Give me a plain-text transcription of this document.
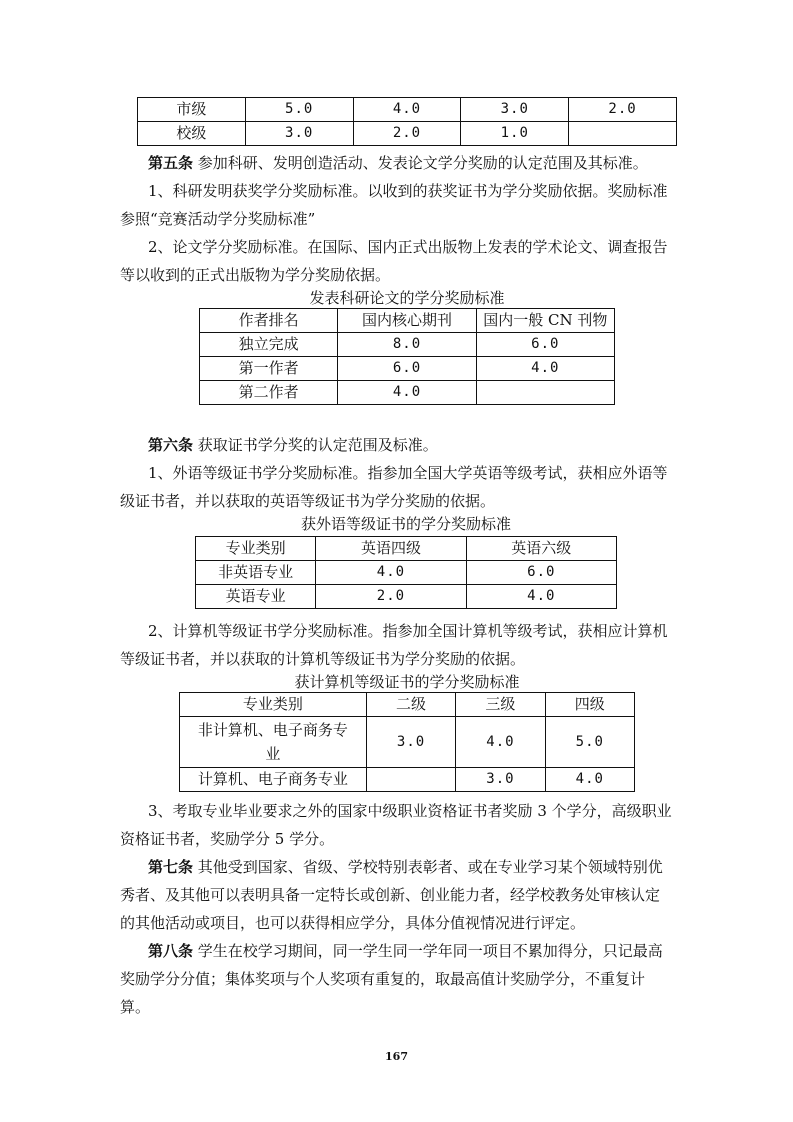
市级	5.0	4.0	3.0	2.0
校级	3.0	2.0	1.0	
第五条 参加科研、发明创造活动、发表论文学分奖励的认定范围及其标准。
1、科研发明获奖学分奖励标准。以收到的获奖证书为学分奖励依据。奖励标准
参照“竞赛活动学分奖励标准”
2、论文学分奖励标准。在国际、国内正式出版物上发表的学术论文、调查报告
等以收到的正式出版物为学分奖励依据。
发表科研论文的学分奖励标准
作者排名	国内核心期刊	国内一般 CN 刊物
独立完成	8.0	6.0
第一作者	6.0	4.0
第二作者	4.0	
第六条 获取证书学分奖的认定范围及标准。
1、外语等级证书学分奖励标准。指参加全国大学英语等级考试，获相应外语等
级证书者，并以获取的英语等级证书为学分奖励的依据。
获外语等级证书的学分奖励标准
专业类别	英语四级	英语六级
非英语专业	4.0	6.0
英语专业	2.0	4.0
2、计算机等级证书学分奖励标准。指参加全国计算机等级考试，获相应计算机
等级证书者，并以获取的计算机等级证书为学分奖励的依据。
获计算机等级证书的学分奖励标准
专业类别	二级	三级	四级
非计算机、电子商务专
业	3.0	4.0	5.0
计算机、电子商务专业		3.0	4.0
3、考取专业毕业要求之外的国家中级职业资格证书者奖励 3 个学分，高级职业
资格证书者，奖励学分 5 学分。
第七条 其他受到国家、省级、学校特别表彰者、或在专业学习某个领域特别优
秀者、及其他可以表明具备一定特长或创新、创业能力者，经学校教务处审核认定
的其他活动或项目，也可以获得相应学分，具体分值视情况进行评定。
第八条 学生在校学习期间，同一学生同一学年同一项目不累加得分，只记最高
奖励学分分值；集体奖项与个人奖项有重复的，取最高值计奖励学分，不重复计
算。
167
